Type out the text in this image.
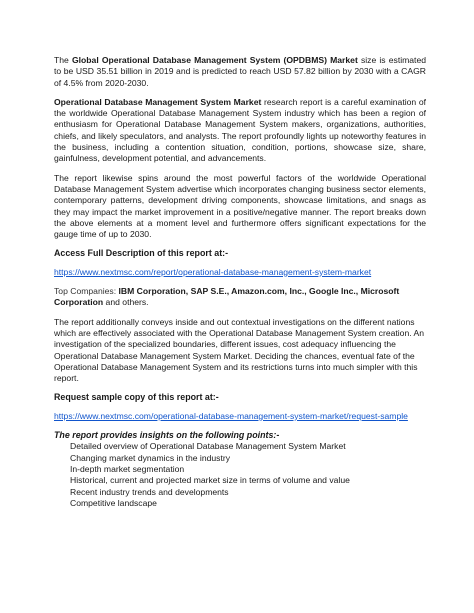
The Global Operational Database Management System (OPDBMS) Market size is estimated to be USD 35.51 billion in 2019 and is predicted to reach USD 57.82 billion by 2030 with a CAGR of 4.5% from 2020-2030.

Operational Database Management System Market research report is a careful examination of the worldwide Operational Database Management System industry which has been a region of enthusiasm for Operational Database Management System makers, organizations, authorities, chiefs, and likely speculators, and analysts. The report profoundly lights up noteworthy features in the business, including a contention situation, condition, portions, showcase size, share, gainfulness, development potential, and advancements.

The report likewise spins around the most powerful factors of the worldwide Operational Database Management System advertise which incorporates changing business sector elements, contemporary patterns, development driving components, showcase limitations, and snags as they may impact the market improvement in a positive/negative manner. The report breaks down the above elements at a moment level and furthermore offers significant expectations for the gauge time of up to 2030.

Access Full Description of this report at:-

https://www.nextmsc.com/report/operational-database-management-system-market

Top Companies: IBM Corporation, SAP S.E., Amazon.com, Inc., Google Inc., Microsoft Corporation and others.

The report additionally conveys inside and out contextual investigations on the different nations which are effectively associated with the Operational Database Management System creation. An investigation of the specialized boundaries, different issues, cost adequacy influencing the Operational Database Management System Market. Deciding the chances, eventual fate of the Operational Database Management System and its restrictions turns into much simpler with this report.

Request sample copy of this report at:-

https://www.nextmsc.com/operational-database-management-system-market/request-sample

The report provides insights on the following points:-

Detailed overview of Operational Database Management System Market
Changing market dynamics in the industry
In-depth market segmentation
Historical, current and projected market size in terms of volume and value
Recent industry trends and developments
Competitive landscape
